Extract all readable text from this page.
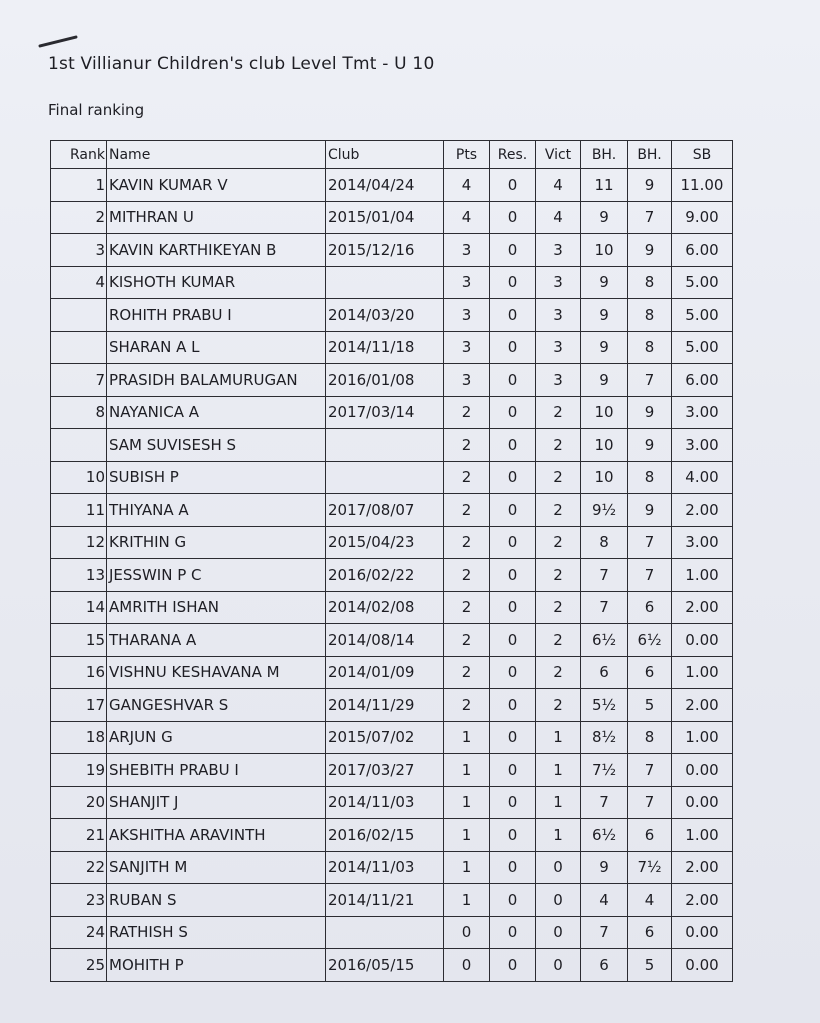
1st Villianur Children's club Level Tmt - U 10
Final ranking
Rank	Name	Club	Pts	Res.	Vict	BH.	BH.	SB
1	KAVIN KUMAR V	2014/04/24	4	0	4	11	9	11.00
2	MITHRAN U	2015/01/04	4	0	4	9	7	9.00
3	KAVIN KARTHIKEYAN B	2015/12/16	3	0	3	10	9	6.00
4	KISHOTH KUMAR		3	0	3	9	8	5.00
	ROHITH PRABU I	2014/03/20	3	0	3	9	8	5.00
	SHARAN A L	2014/11/18	3	0	3	9	8	5.00
7	PRASIDH BALAMURUGAN	2016/01/08	3	0	3	9	7	6.00
8	NAYANICA A	2017/03/14	2	0	2	10	9	3.00
	SAM SUVISESH S		2	0	2	10	9	3.00
10	SUBISH P		2	0	2	10	8	4.00
11	THIYANA A	2017/08/07	2	0	2	9½	9	2.00
12	KRITHIN G	2015/04/23	2	0	2	8	7	3.00
13	JESSWIN P C	2016/02/22	2	0	2	7	7	1.00
14	AMRITH ISHAN	2014/02/08	2	0	2	7	6	2.00
15	THARANA A	2014/08/14	2	0	2	6½	6½	0.00
16	VISHNU KESHAVANA M	2014/01/09	2	0	2	6	6	1.00
17	GANGESHVAR S	2014/11/29	2	0	2	5½	5	2.00
18	ARJUN G	2015/07/02	1	0	1	8½	8	1.00
19	SHEBITH PRABU I	2017/03/27	1	0	1	7½	7	0.00
20	SHANJIT J	2014/11/03	1	0	1	7	7	0.00
21	AKSHITHA ARAVINTH	2016/02/15	1	0	1	6½	6	1.00
22	SANJITH M	2014/11/03	1	0	0	9	7½	2.00
23	RUBAN S	2014/11/21	1	0	0	4	4	2.00
24	RATHISH S		0	0	0	7	6	0.00
25	MOHITH P	2016/05/15	0	0	0	6	5	0.00
